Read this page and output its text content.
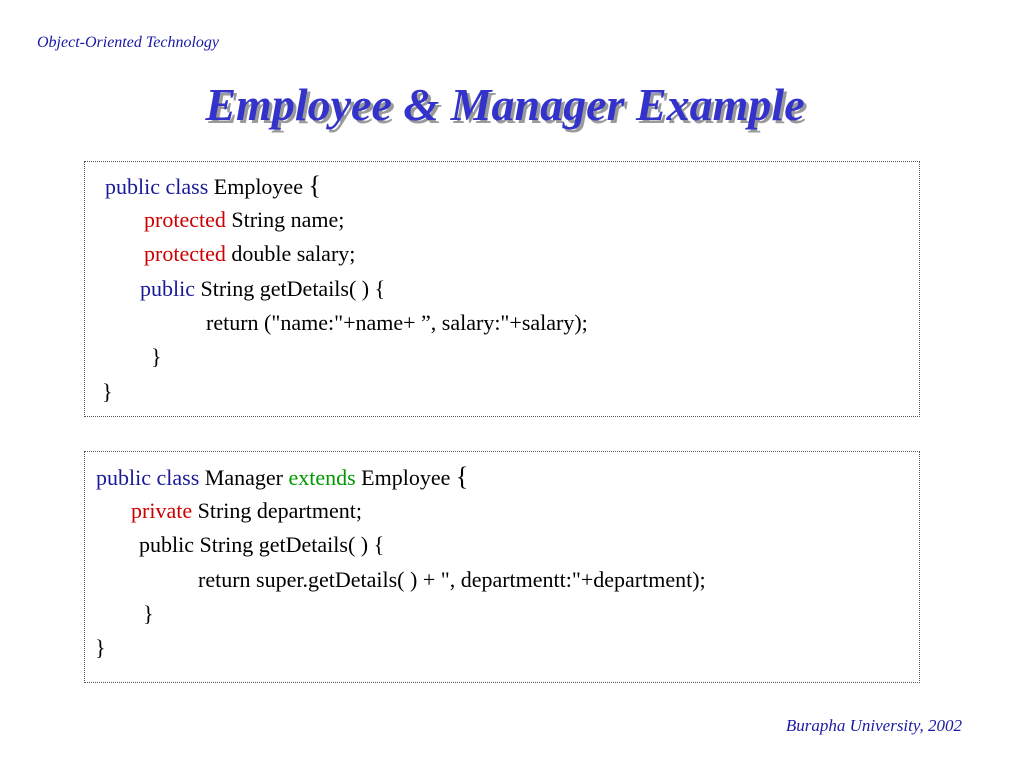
Object-Oriented Technology
Employee & Manager Example
public class Employee {
protected String name;
protected double salary;
public String getDetails( ) {
return ("name:"+name+ ”, salary:"+salary);
}
}
public class Manager extends Employee {
private String department;
public String getDetails( ) {
return super.getDetails( ) + ", departmentt:"+department);
}
}
Burapha University, 2002
